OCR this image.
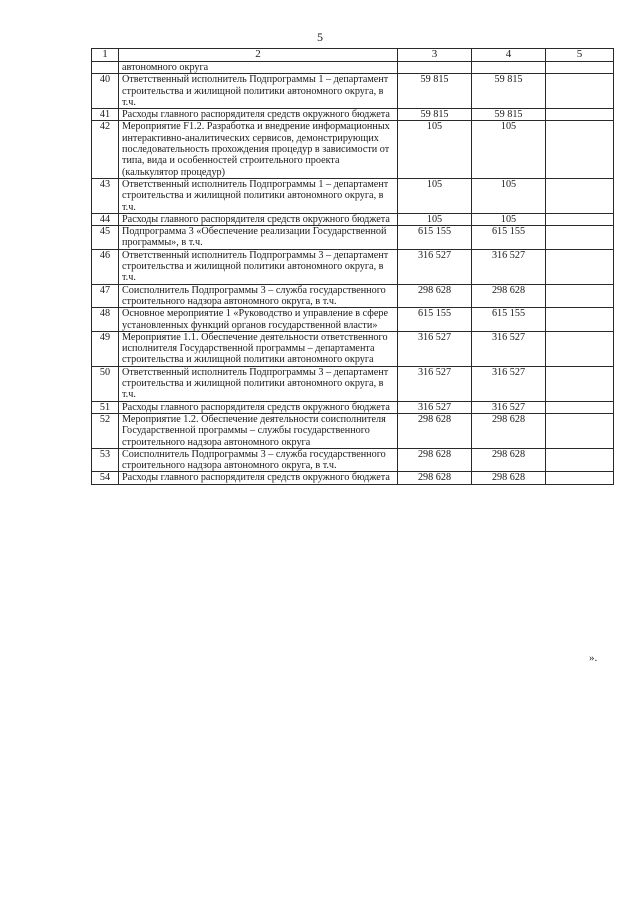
5
1	2	3	4	5
	автономного округа			
40	Ответственный исполнитель Подпрограммы 1 – департамент строительства и жилищной политики автономного округа, в т.ч.	59 815	59 815	
41	Расходы главного распорядителя средств окружного бюджета	59 815	59 815	
42	Мероприятие F1.2. Разработка и внедрение информационных интерактивно-аналитических сервисов, демонстрирующих последовательность прохождения процедур в зависимости от типа, вида и особенностей строительного проекта (калькулятор процедур)	105	105	
43	Ответственный исполнитель Подпрограммы 1 – департамент строительства и жилищной политики автономного округа, в т.ч.	105	105	
44	Расходы главного распорядителя средств окружного бюджета	105	105	
45	Подпрограмма 3 «Обеспечение реализации Государственной программы», в т.ч.	615 155	615 155	
46	Ответственный исполнитель Подпрограммы 3 – департамент строительства и жилищной политики автономного округа, в т.ч.	316 527	316 527	
47	Соисполнитель Подпрограммы 3 – служба государственного строительного надзора автономного округа, в т.ч.	298 628	298 628	
48	Основное мероприятие 1 «Руководство и управление в сфере установленных функций органов государственной власти»	615 155	615 155	
49	Мероприятие 1.1. Обеспечение деятельности ответственного исполнителя Государственной программы – департамента строительства и жилищной политики автономного округа	316 527	316 527	
50	Ответственный исполнитель Подпрограммы 3 – департамент строительства и жилищной политики автономного округа, в т.ч.	316 527	316 527	
51	Расходы главного распорядителя средств окружного бюджета	316 527	316 527	
52	Мероприятие 1.2. Обеспечение деятельности соисполнителя Государственной программы – службы государственного строительного надзора автономного округа	298 628	298 628	
53	Соисполнитель Подпрограммы 3 – служба государственного строительного надзора автономного округа, в т.ч.	298 628	298 628	
54	Расходы главного распорядителя средств окружного бюджета	298 628	298 628	
».
